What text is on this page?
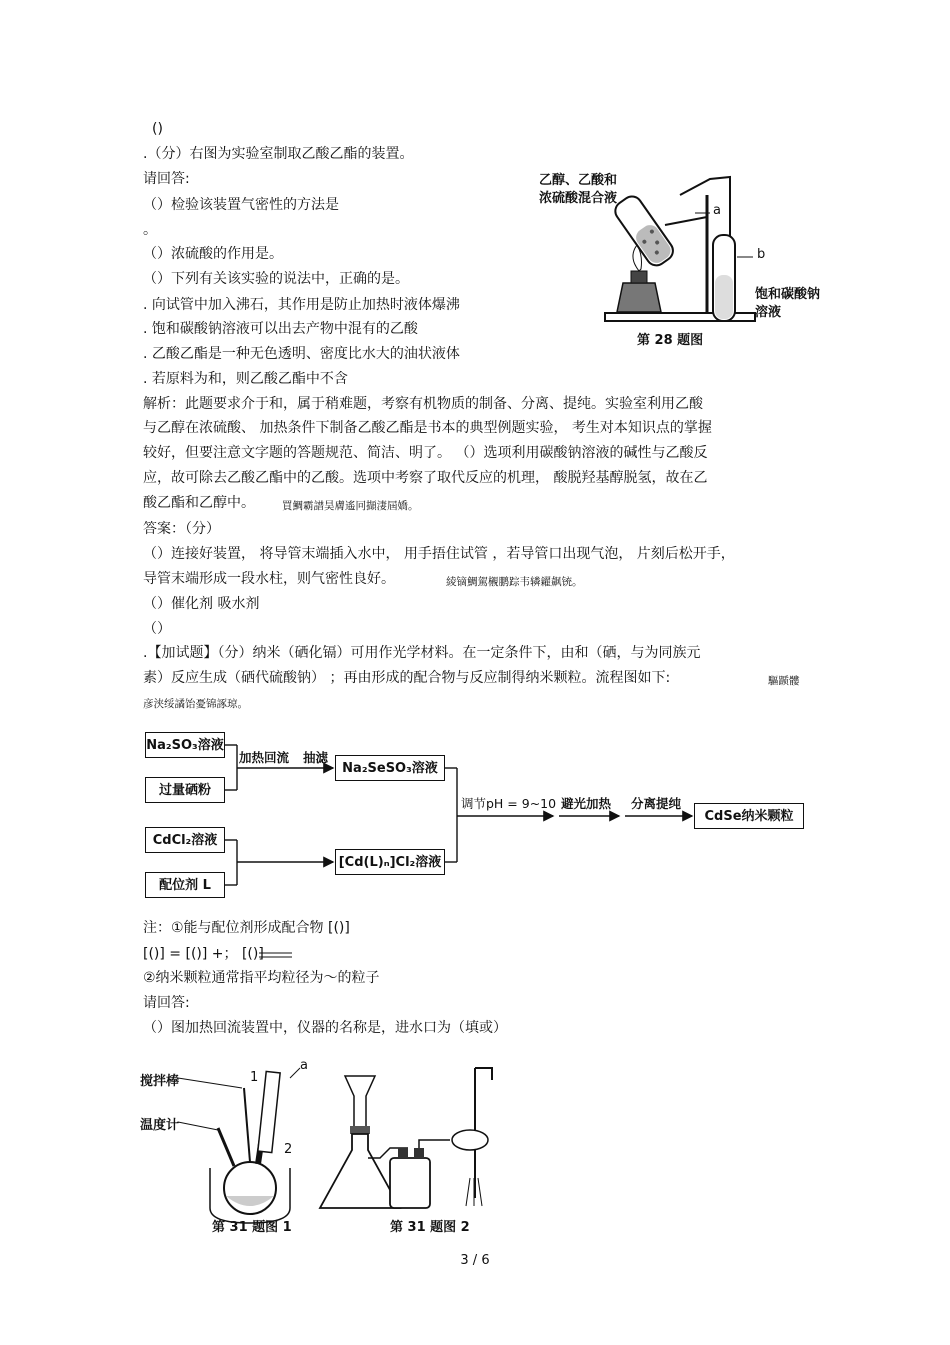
()
.（分）右图为实验室制取乙酸乙酯的装置。
请回答:
（）检验该装置气密性的方法是
。
（）浓硫酸的作用是。
（）下列有关该实验的说法中，正确的是。
. 向试管中加入沸石，其作用是防止加热时液体爆沸
. 饱和碳酸钠溶液可以出去产物中混有的乙酸
. 乙酸乙酯是一种无色透明、密度比水大的油状液体
. 若原料为和，则乙酸乙酯中不含
解析：此题要求介于和，属于稍难题，考察有机物质的制备、分离、提纯。实验室利用乙酸
与乙醇在浓硫酸、 加热条件下制备乙酸乙酯是书本的典型例题实验， 考生对本知识点的掌握
较好，但要注意文字题的答题规范、简洁、明了。 （）选项利用碳酸钠溶液的碱性与乙酸反
应，故可除去乙酸乙酯中的乙酸。选项中考察了取代反应的机理， 酸脱羟基醇脱氢，故在乙
酸乙酯和乙醇中。	買鯛霸譜昊膚遙冋擷淒屆嬌。
答案：（分）
（）连接好装置， 将导管末端插入水中， 用手捂住试管 ，若导管口出现气泡， 片刻后松开手，
导管末端形成一段水柱，则气密性良好。	綾镝鯛駕櫬鹏踪韦辚糴飙铳。
（）催化剂 吸水剂
（）
.【加试题】（分）纳米（硒化镉）可用作光学材料。在一定条件下，由和（硒，与为同族元
素）反应生成（硒代硫酸钠） ；再由形成的配合物与反应制得纳米颗粒。流程图如下:	驅踬髏
彦浃绥譎饴憂锦諑琼。
注：①能与配位剂形成配合物 [()]
[()] = [()] +； [()]
②纳米颗粒通常指平均粒径为～的粒子
请回答:
（）图加热回流装置中，仪器的名称是，进水口为（填或）
乙醇、乙酸和
浓硫酸混合液
a
b
饱和碳酸钠
溶液
第 28 题图
Na₂SO₃溶液
过量硒粉
Na₂SeSO₃溶液
CdCl₂溶液
配位剂 L
[Cd(L)ₙ]Cl₂溶液
CdSe纳米颗粒
加热回流 抽滤
调节pH = 9~10 避光加热 分离提纯
搅拌棒
温度计
1
2
a
第 31 题图 1	第 31 题图 2
3 / 6
